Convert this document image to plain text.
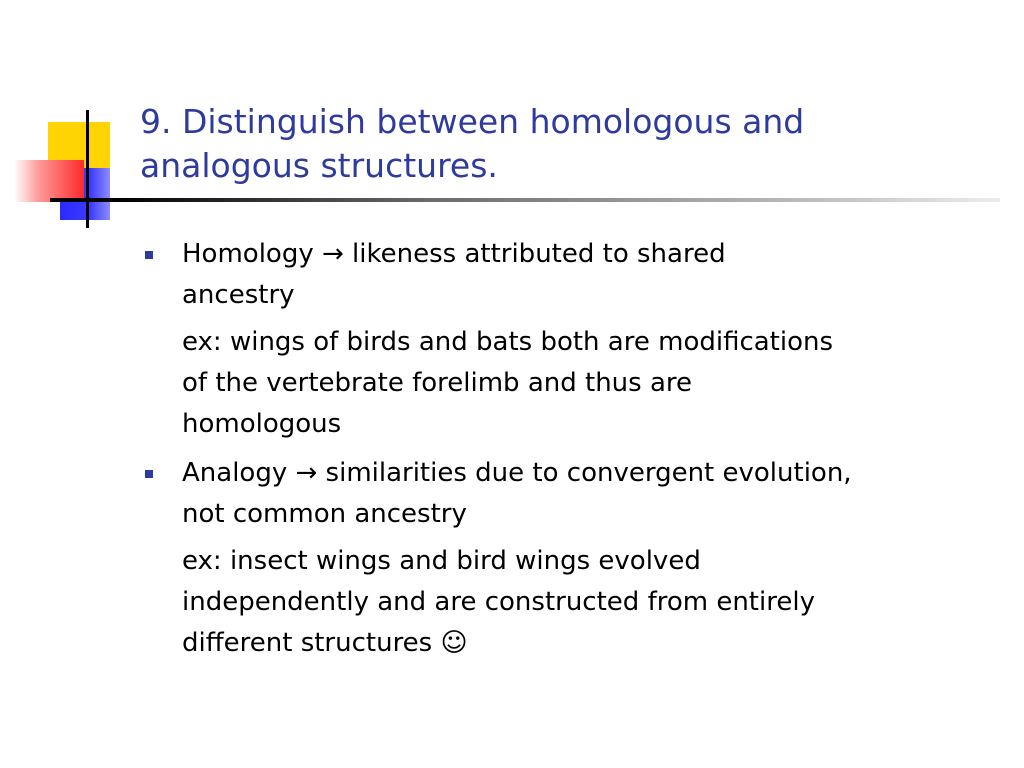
9. Distinguish between homologous and
analogous structures.

Homology → likeness attributed to shared

ancestry

ex: wings of birds and bats both are modifications

of the vertebrate forelimb and thus are

homologous

Analogy → similarities due to convergent evolution,

not common ancestry

ex: insect wings and bird wings evolved

independently and are constructed from entirely

different structures ☺
